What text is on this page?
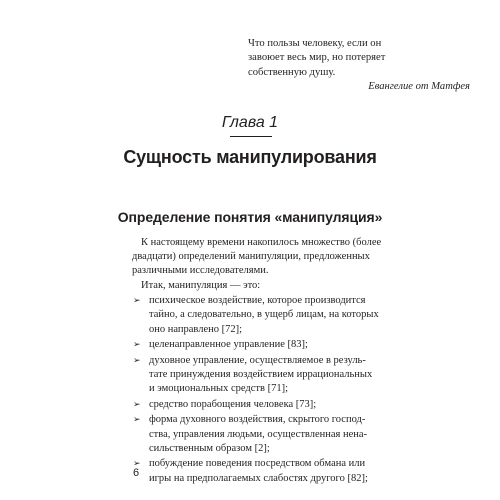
Что пользы человеку, если он
завоюет весь мир, но потеряет
собственную душу.
Евангелие от Матфея
Глава 1
Сущность манипулирования
Определение понятия «манипуляция»
К настоящему времени накопилось множество (более
двадцати) определений манипуляции, предложенных
различными исследователями.
Итак, манипуляция — это:
➢ психическое воздействие, которое производится
тайно, а следовательно, в ущерб лицам, на которых
оно направлено [72];
➢ целенаправленное управление [83];
➢ духовное управление, осуществляемое в резуль-
тате принуждения воздействием иррациональных
и эмоциональных средств [71];
➢ средство порабощения человека [73];
➢ форма духовного воздействия, скрытого господ-
ства, управления людьми, осуществленная нена-
сильственным образом [2];
➢ побуждение поведения посредством обмана или
игры на предполагаемых слабостях другого [82];
6
